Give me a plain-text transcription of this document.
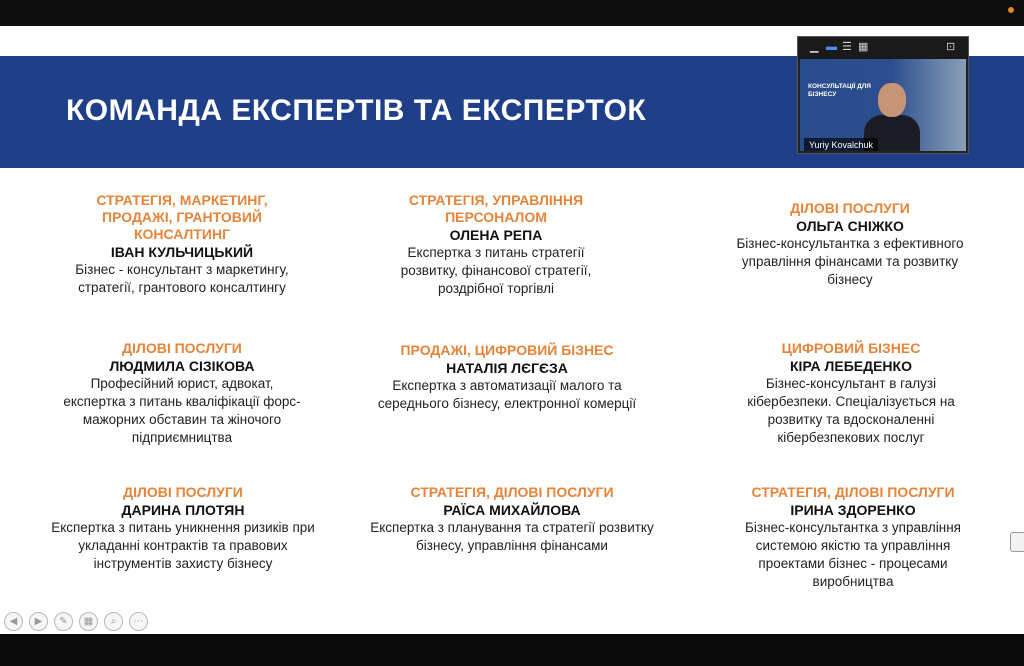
КОМАНДА ЕКСПЕРТІВ ТА ЕКСПЕРТОК
СТРАТЕГІЯ, МАРКЕТИНГ, ПРОДАЖІ, ГРАНТОВИЙ КОНСАЛТИНГ
ІВАН КУЛЬЧИЦЬКИЙ
Бізнес - консультант з маркетингу, стратегії, грантового консалтингу
СТРАТЕГІЯ, УПРАВЛІННЯ ПЕРСОНАЛОМ
ОЛЕНА РЕПА
Експертка з питань стратегії розвитку, фінансової стратегії, роздрібної торгівлі
ДІЛОВІ ПОСЛУГИ
ОЛЬГА СНІЖКО
Бізнес-консультантка з ефективного управління фінансами та розвитку бізнесу
ДІЛОВІ ПОСЛУГИ
ЛЮДМИЛА СІЗІКОВА
Професійний юрист, адвокат, експертка з питань кваліфікації форс-мажорних обставин та жіночого підприємництва
ПРОДАЖІ, ЦИФРОВИЙ БІЗНЕС
НАТАЛІЯ ЛЄГЄЗА
Експертка з автоматизації малого та середнього бізнесу, електронної комерції
ЦИФРОВИЙ БІЗНЕС
КІРА ЛЕБЕДЕНКО
Бізнес-консультант в галузі кібербезпеки. Спеціалізується на розвитку та вдосконаленні кібербезпекових послуг
ДІЛОВІ ПОСЛУГИ
ДАРИНА ПЛОТЯН
Експертка з питань уникнення ризиків при укладанні контрактів та правових інструментів захисту бізнесу
СТРАТЕГІЯ, ДІЛОВІ ПОСЛУГИ
РАЇСА МИХАЙЛОВА
Експертка з планування та стратегії розвитку бізнесу, управління фінансами
СТРАТЕГІЯ, ДІЛОВІ ПОСЛУГИ
ІРИНА ЗДОРЕНКО
Бізнес-консультантка з управління системою якістю та управління проектами бізнес - процесами виробництва
◀	▶	✎	▦	⌕	⋯
▁ ▬ ☰ ▦	⊡
КОНСУЛЬТАЦІЇ ДЛЯ БІЗНЕСУ
Yuriy Kovalchuk
